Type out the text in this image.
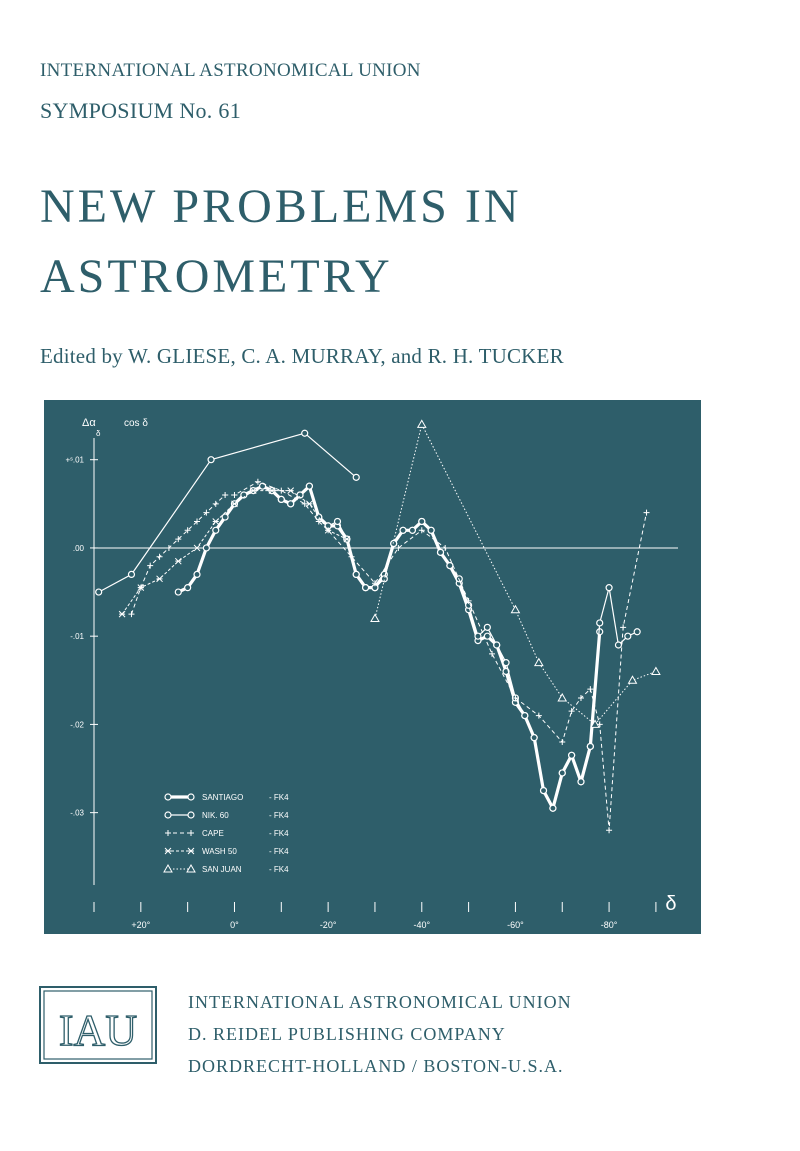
INTERNATIONAL ASTRONOMICAL UNION
SYMPOSIUM No. 61
NEW PROBLEMS IN
ASTROMETRY
Edited by W. GLIESE, C. A. MURRAY, and R. H. TUCKER
Δα
δ
cos δ
+ˢ.01
.00
-.01
-.02
-.03
+20°	0°	-20°	-40°	-60°	-80°
δ
SANTIAGO	- FK4
NIK. 60	- FK4
CAPE	- FK4
WASH 50	- FK4
SAN JUAN	- FK4
IAU
INTERNATIONAL ASTRONOMICAL UNION
D. REIDEL PUBLISHING COMPANY
DORDRECHT-HOLLAND / BOSTON-U.S.A.
